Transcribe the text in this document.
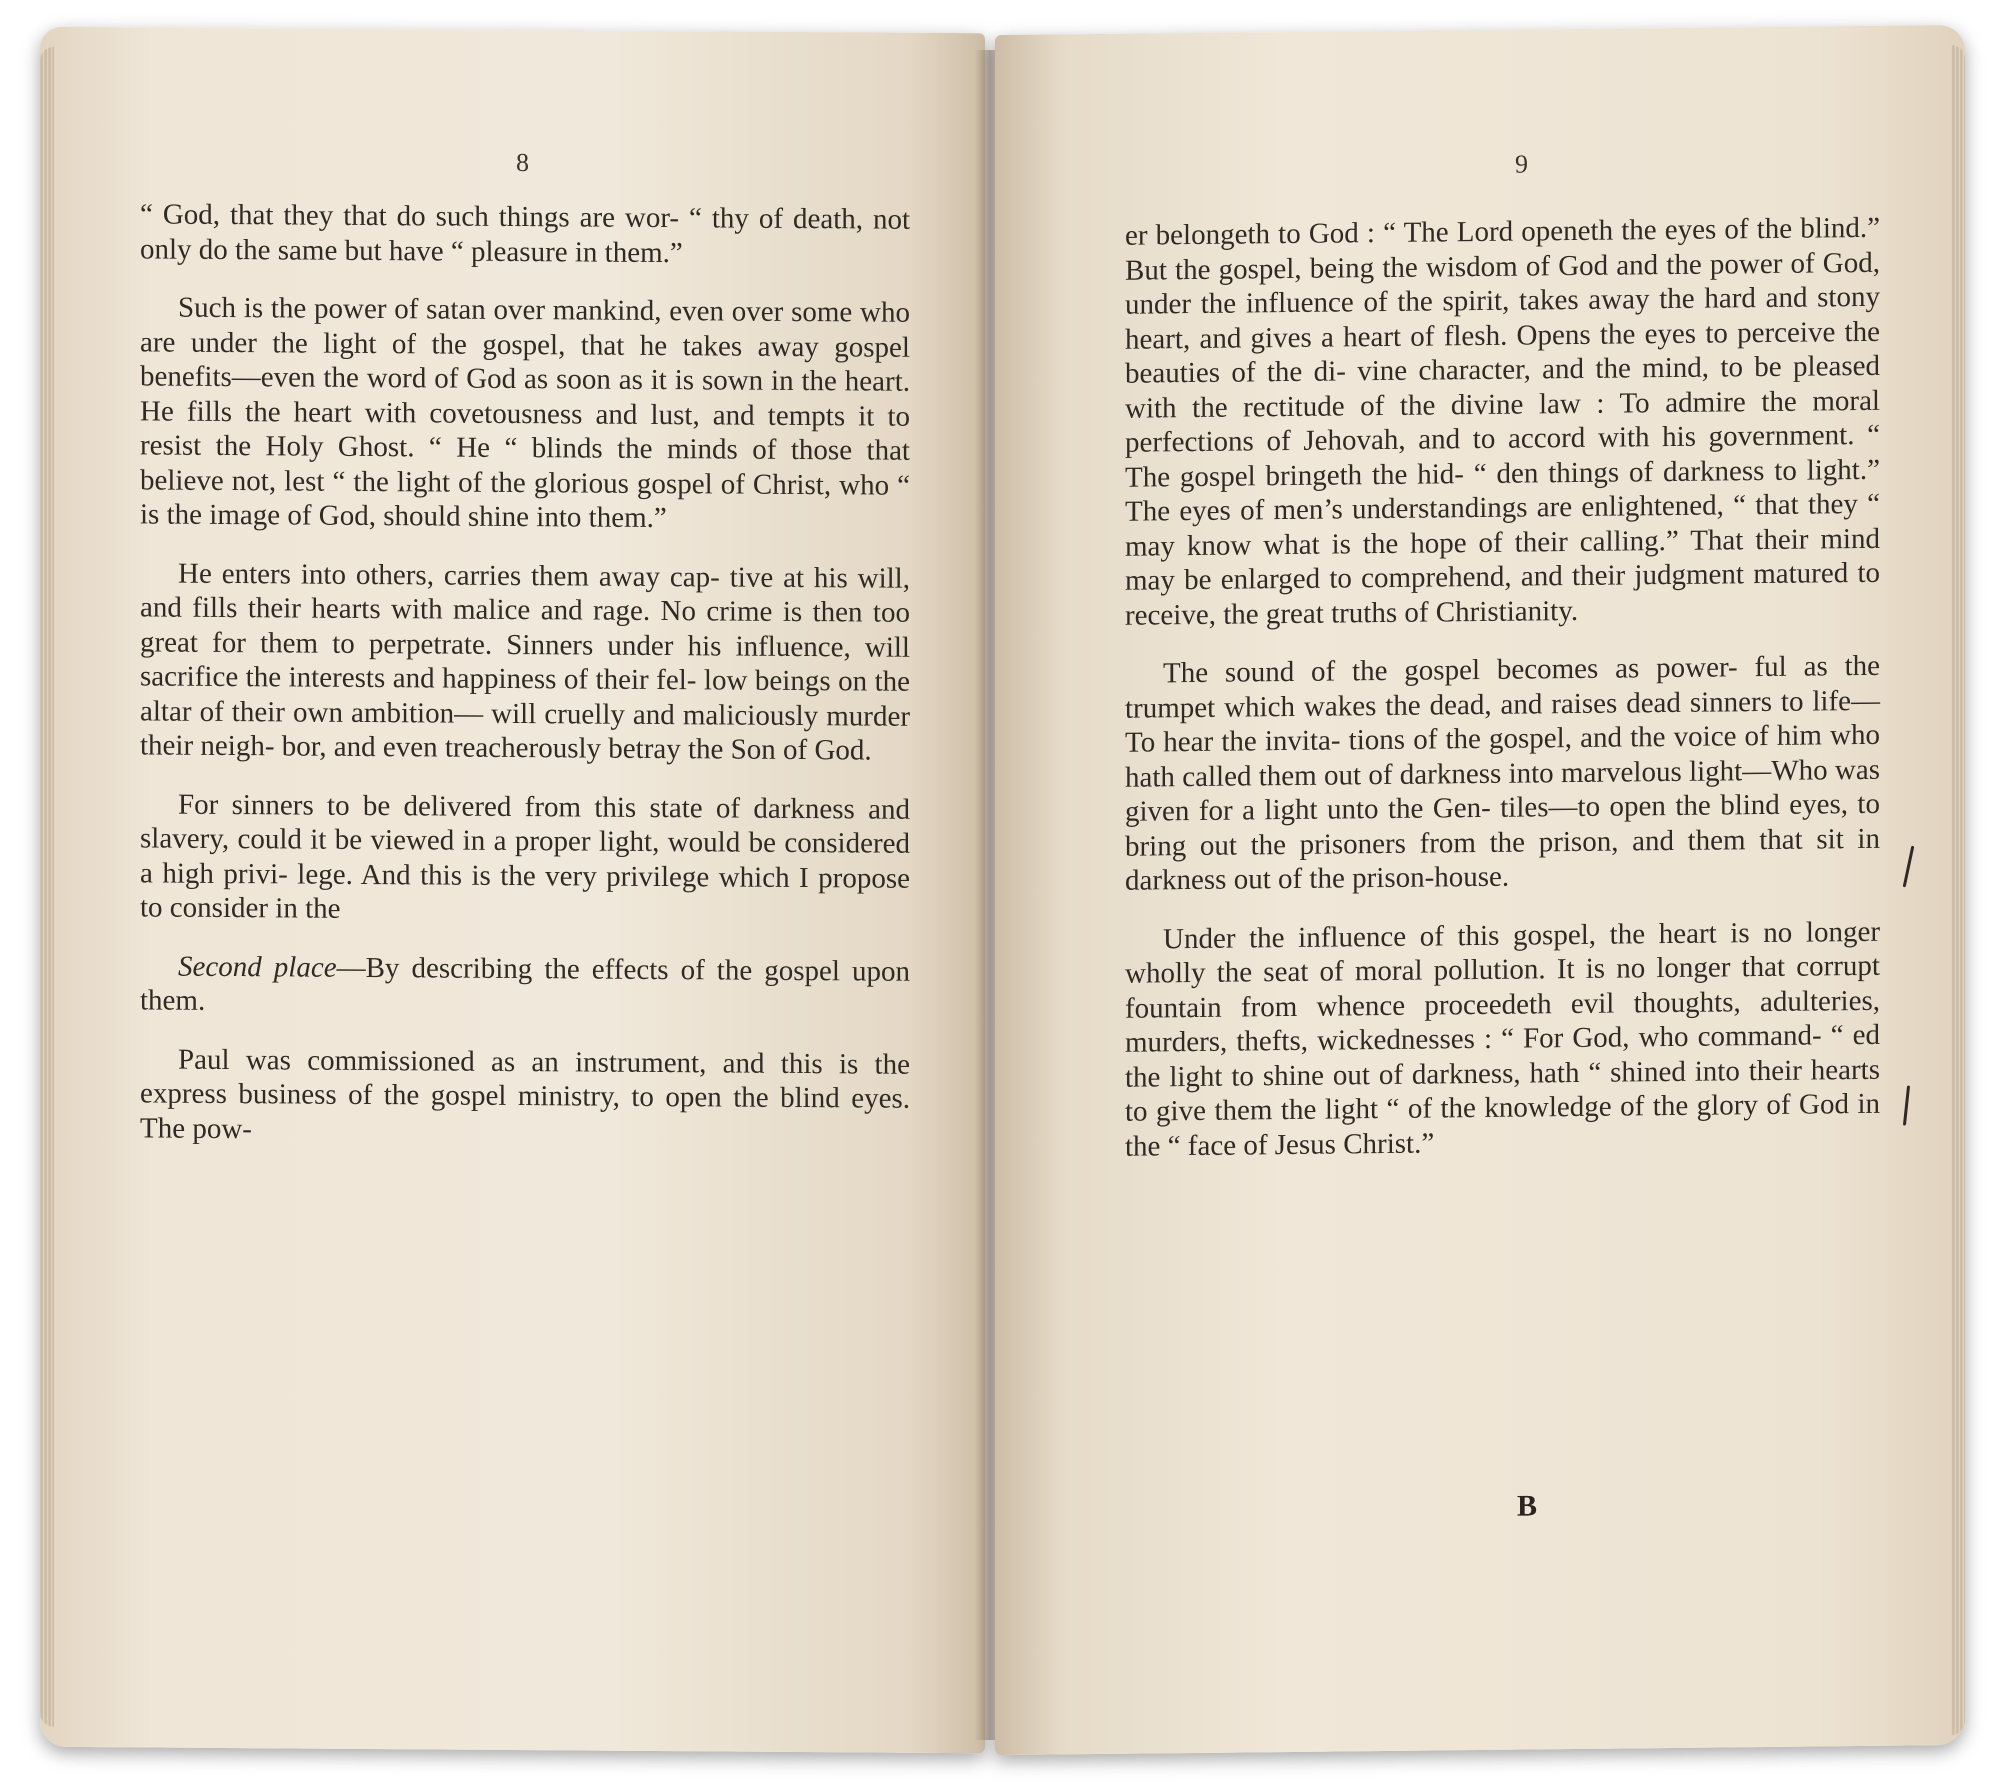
8

“ God, that they that do such things are wor- “ thy of death, not only do the same but have “ pleasure in them.”

Such is the power of satan over mankind, even over some who are under the light of the gospel, that he takes away gospel benefits—even the word of God as soon as it is sown in the heart. He fills the heart with covetousness and lust, and tempts it to resist the Holy Ghost. “ He “ blinds the minds of those that believe not, lest “ the light of the glorious gospel of Christ, who “ is the image of God, should shine into them.”

He enters into others, carries them away cap- tive at his will, and fills their hearts with malice and rage. No crime is then too great for them to perpetrate. Sinners under his influence, will sacrifice the interests and happiness of their fel- low beings on the altar of their own ambition— will cruelly and maliciously murder their neigh- bor, and even treacherously betray the Son of God.

For sinners to be delivered from this state of darkness and slavery, could it be viewed in a proper light, would be considered a high privi- lege. And this is the very privilege which I propose to consider in the

Second place—By describing the effects of the gospel upon them.

Paul was commissioned as an instrument, and this is the express business of the gospel ministry, to open the blind eyes. The pow-

9

er belongeth to God : “ The Lord openeth the eyes of the blind.” But the gospel, being the wisdom of God and the power of God, under the influence of the spirit, takes away the hard and stony heart, and gives a heart of flesh. Opens the eyes to perceive the beauties of the di- vine character, and the mind, to be pleased with the rectitude of the divine law : To admire the moral perfections of Jehovah, and to accord with his government. “ The gospel bringeth the hid- “ den things of darkness to light.” The eyes of men’s understandings are enlightened, “ that they “ may know what is the hope of their calling.” That their mind may be enlarged to comprehend, and their judgment matured to receive, the great truths of Christianity.

The sound of the gospel becomes as power- ful as the trumpet which wakes the dead, and raises dead sinners to life—To hear the invita- tions of the gospel, and the voice of him who hath called them out of darkness into marvelous light—Who was given for a light unto the Gen- tiles—to open the blind eyes, to bring out the prisoners from the prison, and them that sit in darkness out of the prison-house.

Under the influence of this gospel, the heart is no longer wholly the seat of moral pollution. It is no longer that corrupt fountain from whence proceedeth evil thoughts, adulteries, murders, thefts, wickednesses : “ For God, who command- “ ed the light to shine out of darkness, hath “ shined into their hearts to give them the light “ of the knowledge of the glory of God in the “ face of Jesus Christ.”

B
